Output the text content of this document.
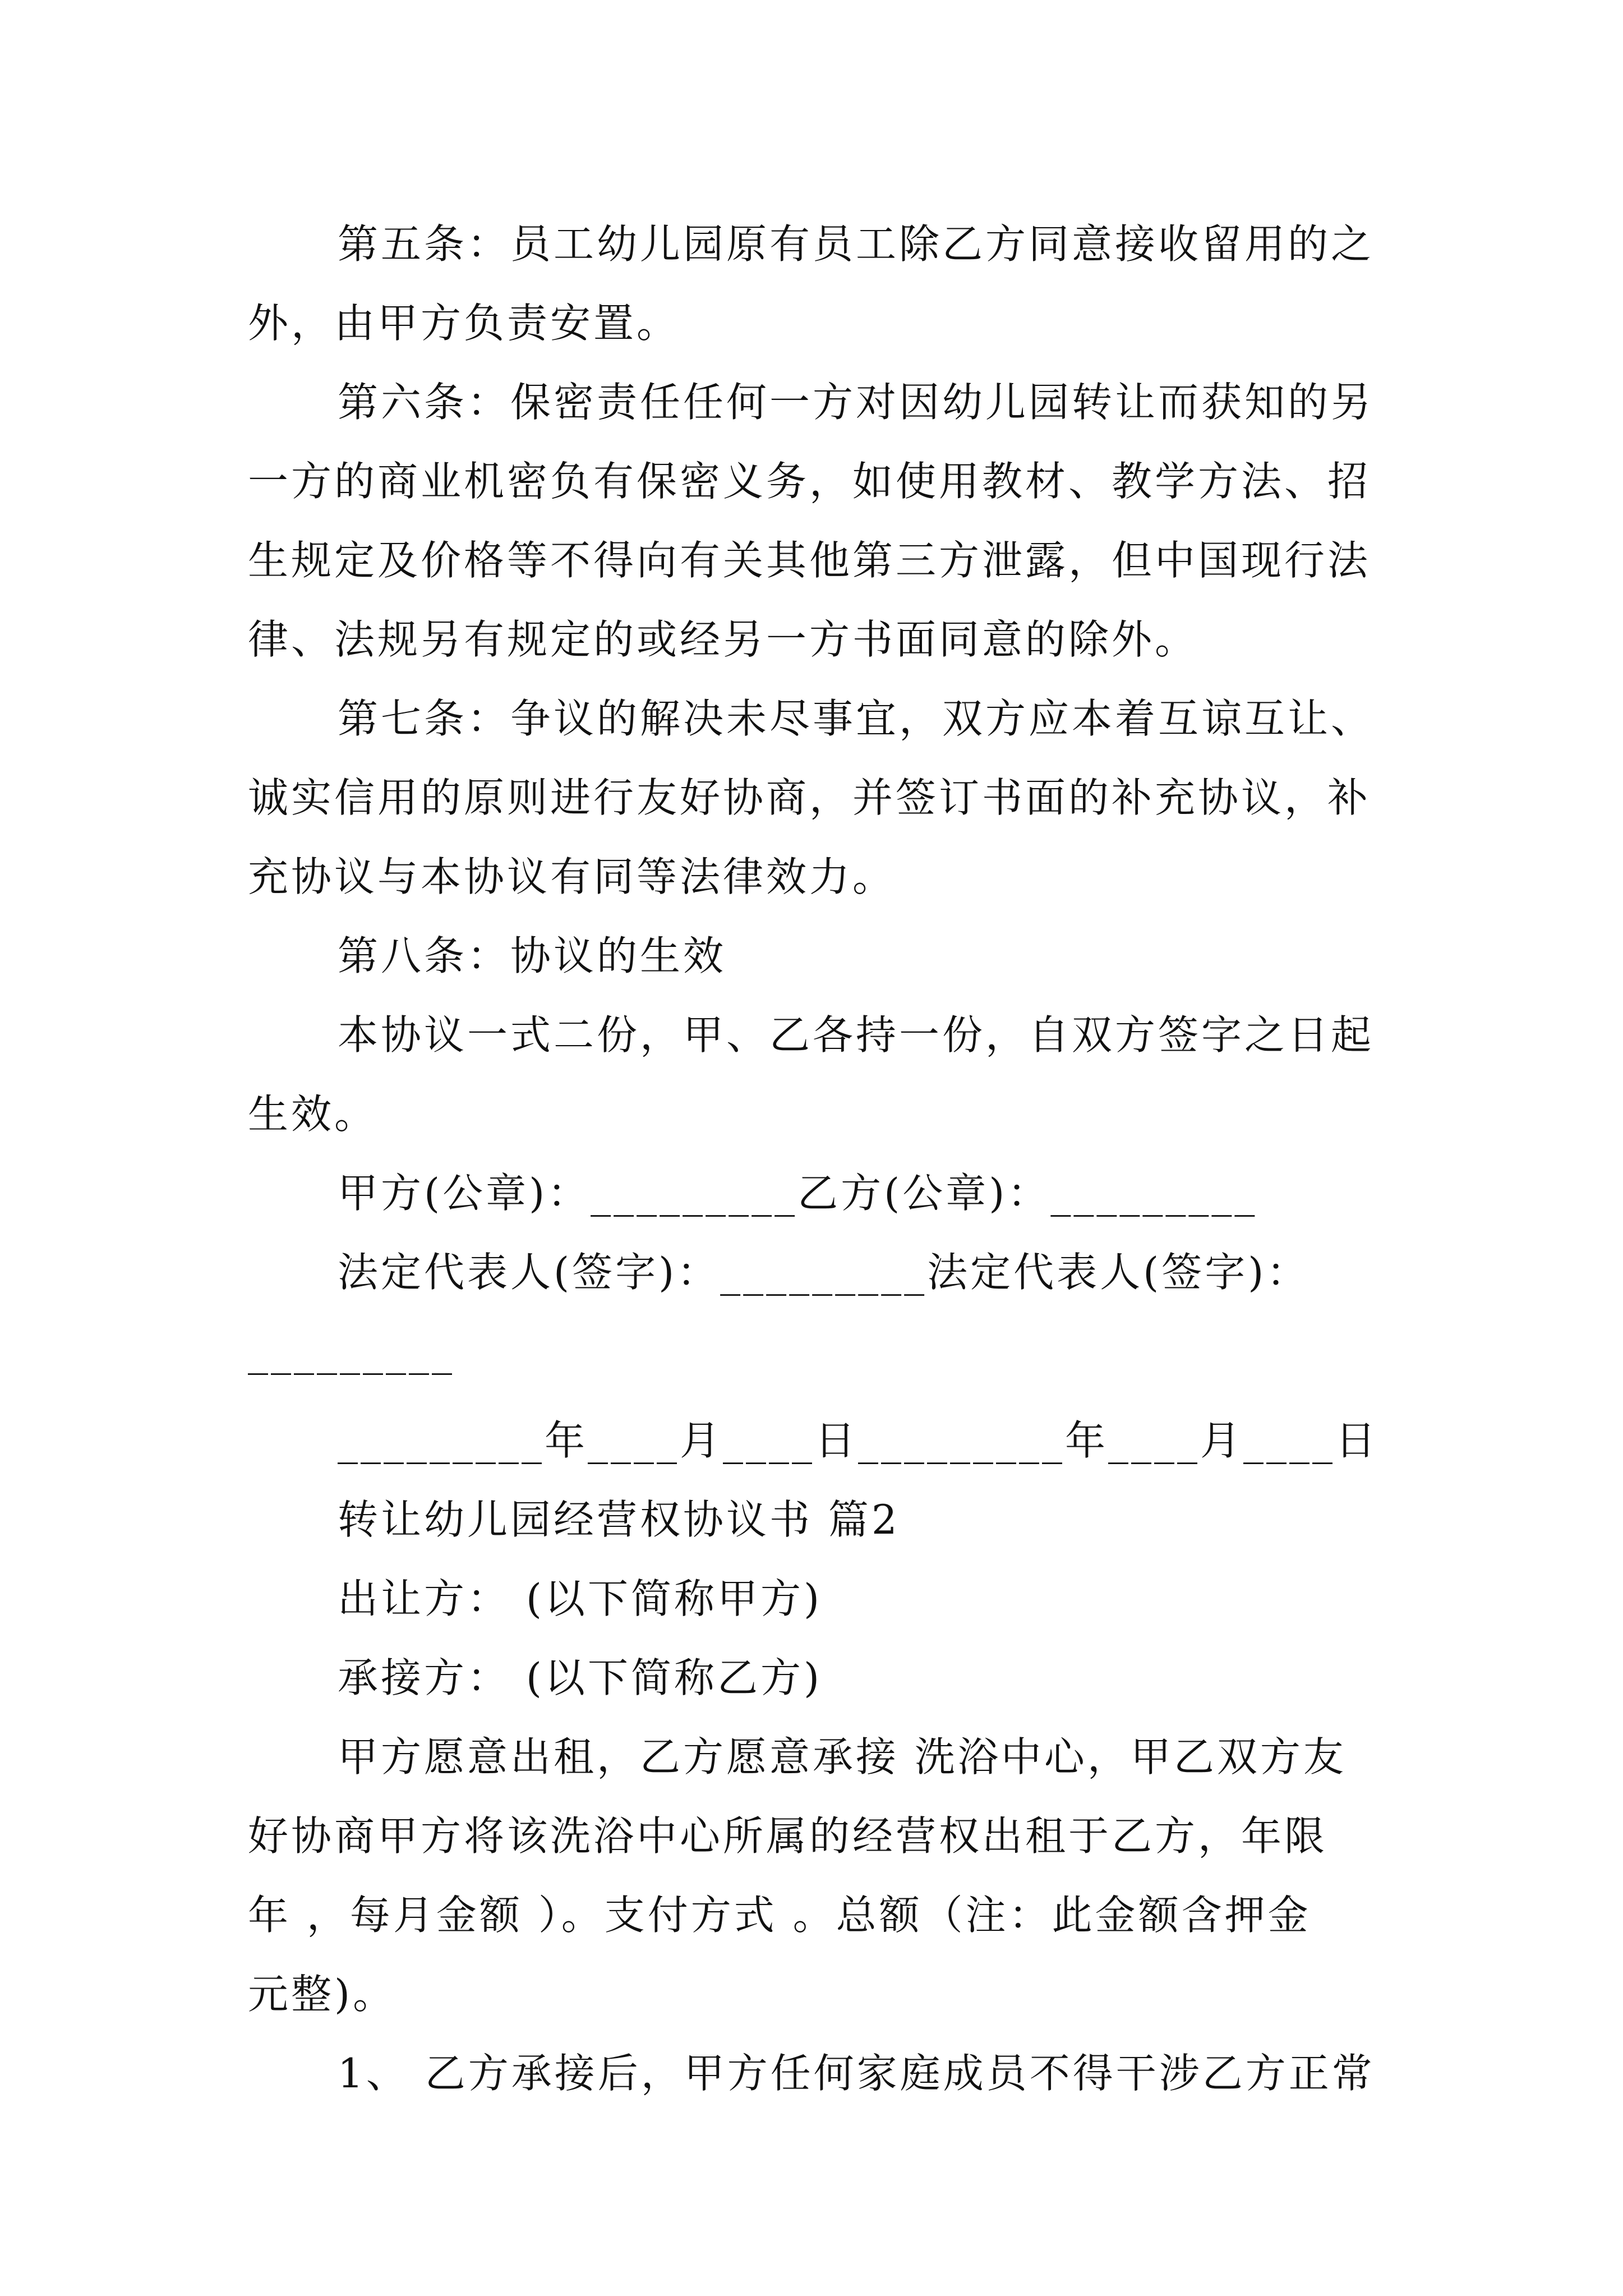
第五条：员工幼儿园原有员工除乙方同意接收留用的之
外，由甲方负责安置。
第六条：保密责任任何一方对因幼儿园转让而获知的另
一方的商业机密负有保密义务，如使用教材、教学方法、招
生规定及价格等不得向有关其他第三方泄露，但中国现行法
律、法规另有规定的或经另一方书面同意的除外。
第七条：争议的解决未尽事宜，双方应本着互谅互让、
诚实信用的原则进行友好协商，并签订书面的补充协议，补
充协议与本协议有同等法律效力。
第八条：协议的生效
本协议一式二份，甲、乙各持一份，自双方签字之日起
生效。
甲方(公章)：_________乙方(公章)：_________
法定代表人(签字)：_________法定代表人(签字)：
_________
_________年____月____日_________年____月____日
转让幼儿园经营权协议书 篇2
出让方： (以下简称甲方)
承接方： (以下简称乙方)
甲方愿意出租，乙方愿意承接 洗浴中心，甲乙双方友
好协商甲方将该洗浴中心所属的经营权出租于乙方，年限
年 ，每月金额 ）。支付方式 。总额（注：此金额含押金
元整)。
1、 乙方承接后，甲方任何家庭成员不得干涉乙方正常
